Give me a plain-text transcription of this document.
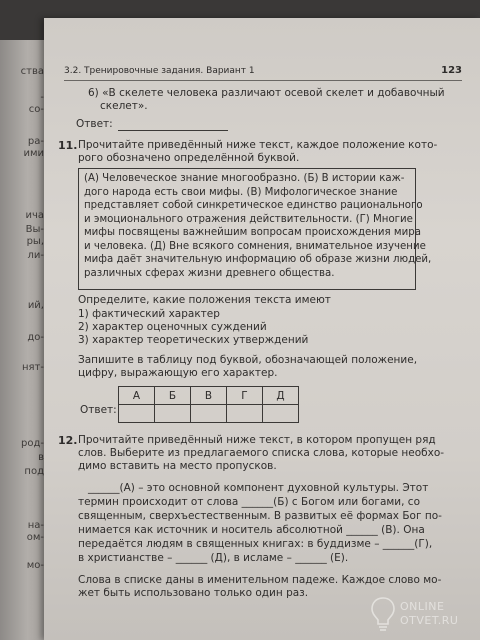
ства
-
со-
ра-
ими
ича
Вы-
ры,
ли-
ий,
до-
нят-
род-
в
под
на-
ом-
мо-
3.2. Тренировочные задания. Вариант 1	123
6) «В скелете человека различают осевой скелет и добавочный
скелет».
Ответ:
11. Прочитайте приведённый ниже текст, каждое положение кото-
рого обозначено определённой буквой.
(А) Человеческое знание многообразно. (Б) В истории каж-
дого народа есть свои мифы. (В) Мифологическое знание
представляет собой синкретическое единство рационального
и эмоционального отражения действительности. (Г) Многие
мифы посвящены важнейшим вопросам происхождения мира
и человека. (Д) Вне всякого сомнения, внимательное изучение
мифа даёт значительную информацию об образе жизни людей,
различных сферах жизни древнего общества.
Определите, какие положения текста имеют
1) фактический характер
2) характер оценочных суждений
3) характер теоретических утверждений
Запишите в таблицу под буквой, обозначающей положение,
цифру, выражающую его характер.
Ответ:
А	Б	В	Г	Д

12. Прочитайте приведённый ниже текст, в котором пропущен ряд
слов. Выберите из предлагаемого списка слова, которые необхо-
димо вставить на место пропусков.
______(А) – это основной компонент духовной культуры. Этот
термин происходит от слова ______(Б) с Богом или богами, со
священным, сверхъестественным. В развитых её формах Бог по-
нимается как источник и носитель абсолютной ______ (В). Она
передаётся людям в священных книгах: в буддизме – ______(Г),
в христианстве – ______ (Д), в исламе – ______ (Е).
Слова в списке даны в именительном падеже. Каждое слово мо-
жет быть использовано только один раз.
ONLINE
OTVET.RU
